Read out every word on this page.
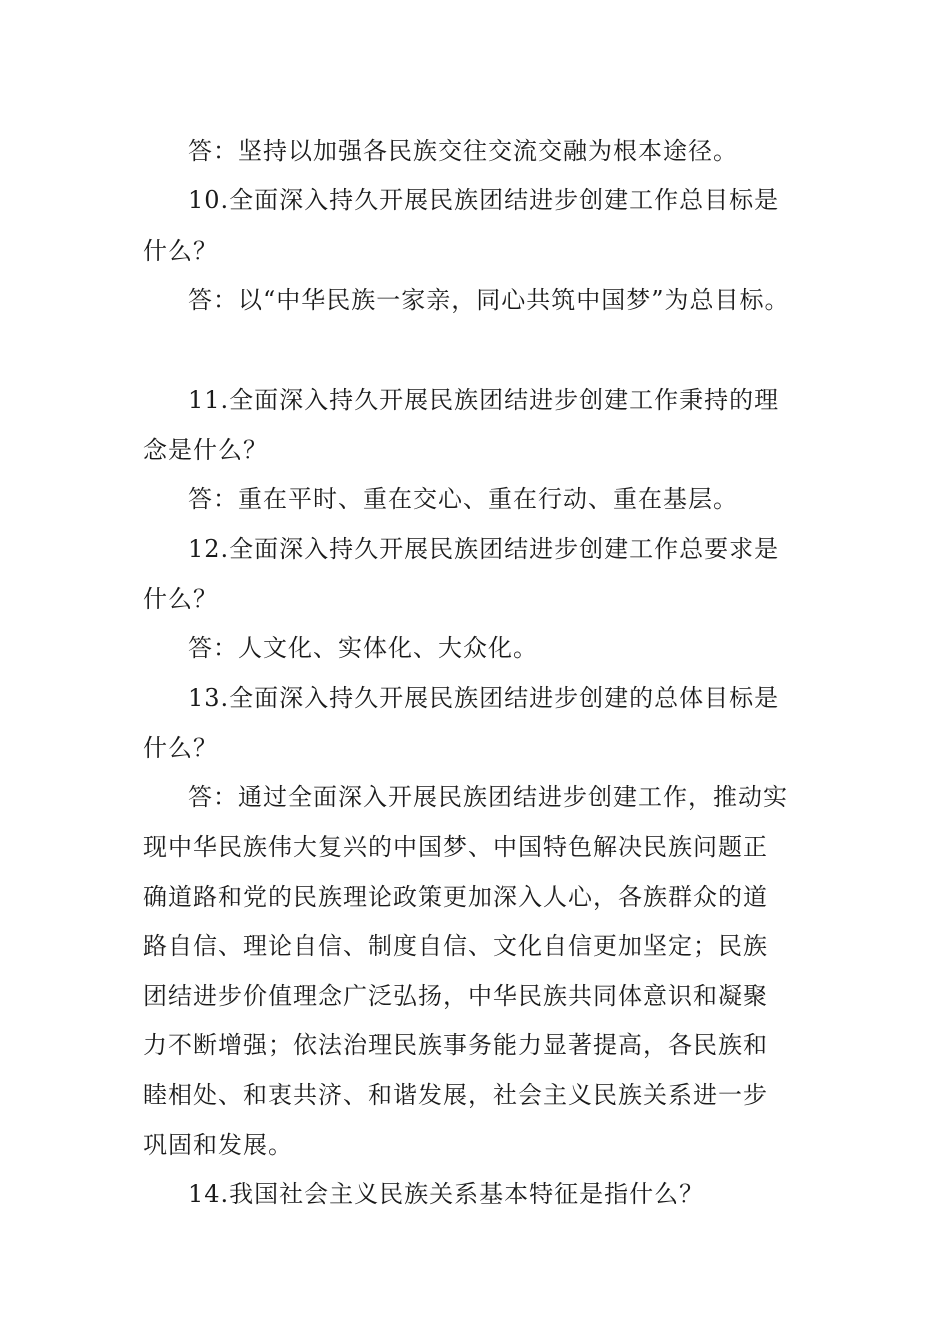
答：坚持以加强各民族交往交流交融为根本途径。
10.全面深入持久开展民族团结进步创建工作总目标是
什么？
答：以“中华民族一家亲，同心共筑中国梦”为总目标。
11.全面深入持久开展民族团结进步创建工作秉持的理
念是什么？
答：重在平时、重在交心、重在行动、重在基层。
12.全面深入持久开展民族团结进步创建工作总要求是
什么？
答：人文化、实体化、大众化。
13.全面深入持久开展民族团结进步创建的总体目标是
什么？
答：通过全面深入开展民族团结进步创建工作，推动实
现中华民族伟大复兴的中国梦、中国特色解决民族问题正
确道路和党的民族理论政策更加深入人心，各族群众的道
路自信、理论自信、制度自信、文化自信更加坚定；民族
团结进步价值理念广泛弘扬，中华民族共同体意识和凝聚
力不断增强；依法治理民族事务能力显著提高，各民族和
睦相处、和衷共济、和谐发展，社会主义民族关系进一步
巩固和发展。
14.我国社会主义民族关系基本特征是指什么？
